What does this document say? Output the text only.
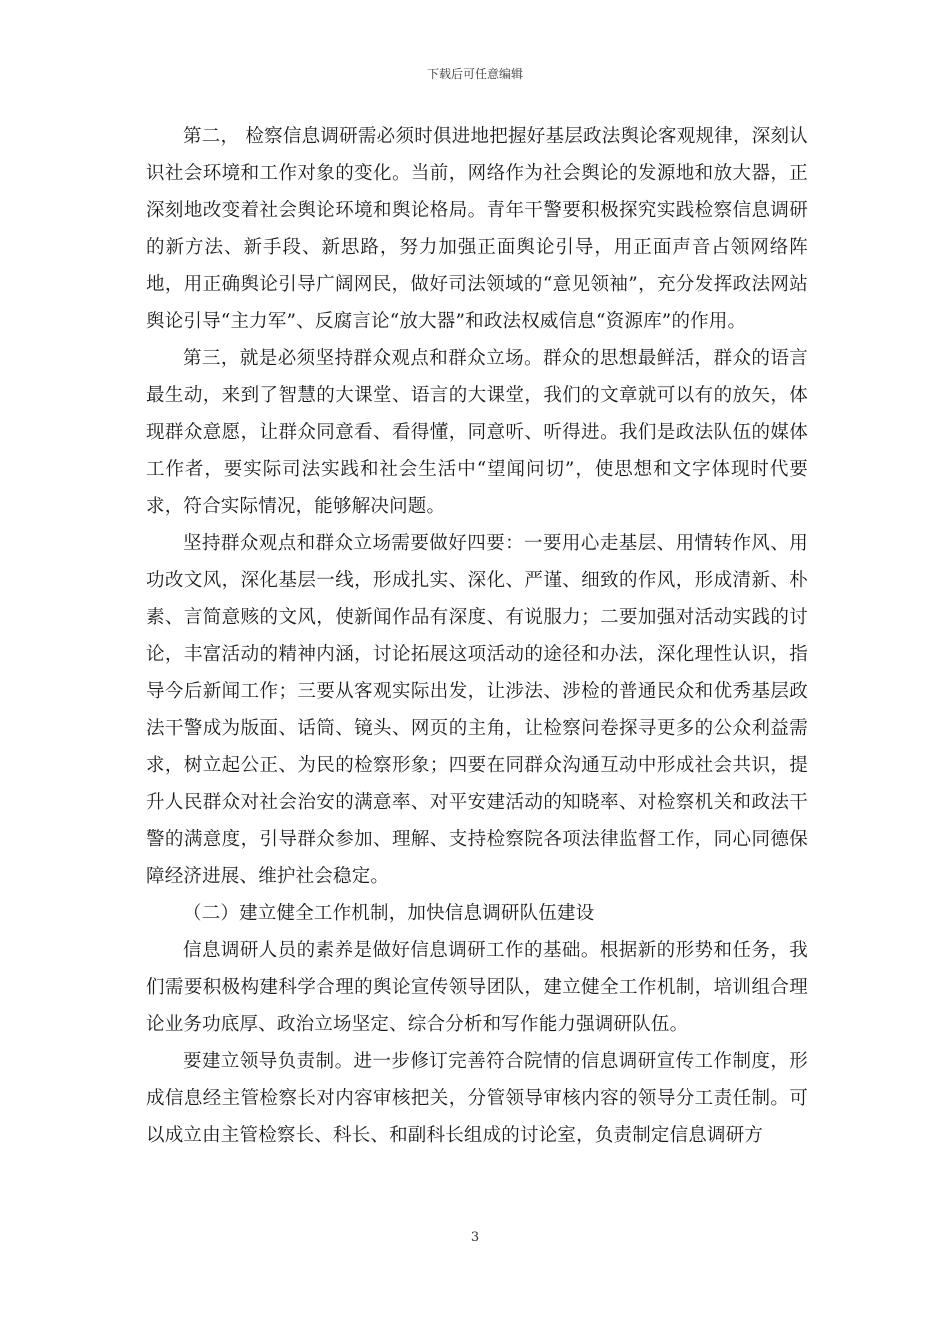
下载后可任意编辑

第二， 检察信息调研需必须时俱进地把握好基层政法舆论客观规律，深刻认识社会环境和工作对象的变化。当前，网络作为社会舆论的发源地和放大器，正深刻地改变着社会舆论环境和舆论格局。青年干警要积极探究实践检察信息调研的新方法、新手段、新思路，努力加强正面舆论引导，用正面声音占领网络阵地，用正确舆论引导广阔网民，做好司法领域的“意见领袖”，充分发挥政法网站舆论引导“主力军”、反腐言论“放大器”和政法权威信息“资源库”的作用。

第三，就是必须坚持群众观点和群众立场。群众的思想最鲜活，群众的语言最生动，来到了智慧的大课堂、语言的大课堂，我们的文章就可以有的放矢，体现群众意愿，让群众同意看、看得懂，同意听、听得进。我们是政法队伍的媒体工作者，要实际司法实践和社会生活中“望闻问切”，使思想和文字体现时代要求，符合实际情况，能够解决问题。

坚持群众观点和群众立场需要做好四要：一要用心走基层、用情转作风、用功改文风，深化基层一线，形成扎实、深化、严谨、细致的作风，形成清新、朴素、言简意赅的文风，使新闻作品有深度、有说服力；二要加强对活动实践的讨论，丰富活动的精神内涵，讨论拓展这项活动的途径和办法，深化理性认识，指导今后新闻工作；三要从客观实际出发，让涉法、涉检的普通民众和优秀基层政法干警成为版面、话筒、镜头、网页的主角，让检察问卷探寻更多的公众利益需求，树立起公正、为民的检察形象；四要在同群众沟通互动中形成社会共识，提升人民群众对社会治安的满意率、对平安建活动的知晓率、对检察机关和政法干警的满意度，引导群众参加、理解、支持检察院各项法律监督工作，同心同德保障经济进展、维护社会稳定。

（二）建立健全工作机制，加快信息调研队伍建设

信息调研人员的素养是做好信息调研工作的基础。根据新的形势和任务，我们需要积极构建科学合理的舆论宣传领导团队，建立健全工作机制，培训组合理论业务功底厚、政治立场坚定、综合分析和写作能力强调研队伍。

要建立领导负责制。进一步修订完善符合院情的信息调研宣传工作制度，形成信息经主管检察长对内容审核把关，分管领导审核内容的领导分工责任制。可以成立由主管检察长、科长、和副科长组成的讨论室，负责制定信息调研方

3
